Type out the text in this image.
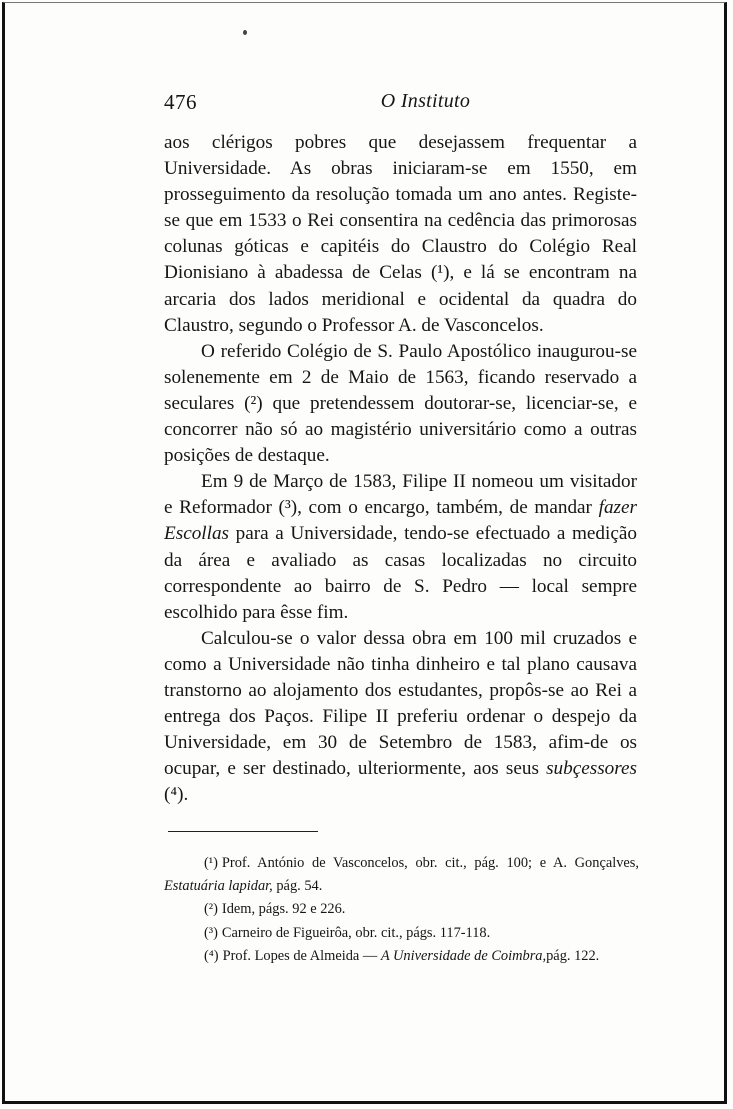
476	O Instituto

aos clérigos pobres que desejassem frequentar a Universidade. As obras iniciaram-se em 1550, em prosseguimento da resolução tomada um ano antes. Registe-se que em 1533 o Rei consentira na cedência das primorosas colunas góticas e capitéis do Claustro do Colégio Real Dionisiano à abadessa de Celas (¹), e lá se encontram na arcaria dos lados meridional e ocidental da quadra do Claustro, segundo o Professor A. de Vasconcelos.

O referido Colégio de S. Paulo Apostólico inaugurou-se solenemente em 2 de Maio de 1563, ficando reservado a seculares (²) que pretendessem doutorar-se, licenciar-se, e concorrer não só ao magistério universitário como a outras posições de destaque.

Em 9 de Março de 1583, Filipe II nomeou um visitador e Reformador (³), com o encargo, também, de mandar fazer Escollas para a Universidade, tendo-se efectuado a medição da área e avaliado as casas localizadas no circuito correspondente ao bairro de S. Pedro — local sempre escolhido para êsse fim.

Calculou-se o valor dessa obra em 100 mil cruzados e como a Universidade não tinha dinheiro e tal plano causava transtorno ao alojamento dos estudantes, propôs-se ao Rei a entrega dos Paços. Filipe II preferiu ordenar o despejo da Universidade, em 30 de Setembro de 1583, afim-de os ocupar, e ser destinado, ulteriormente, aos seus subçessores (⁴).

(¹) Prof. António de Vasconcelos, obr. cit., pág. 100; e A. Gonçalves, Estatuária lapidar, pág. 54.

(²) Idem, págs. 92 e 226.

(³) Carneiro de Figueirôa, obr. cit., págs. 117-118.

(⁴) Prof. Lopes de Almeida — A Universidade de Coimbra,pág. 122.
